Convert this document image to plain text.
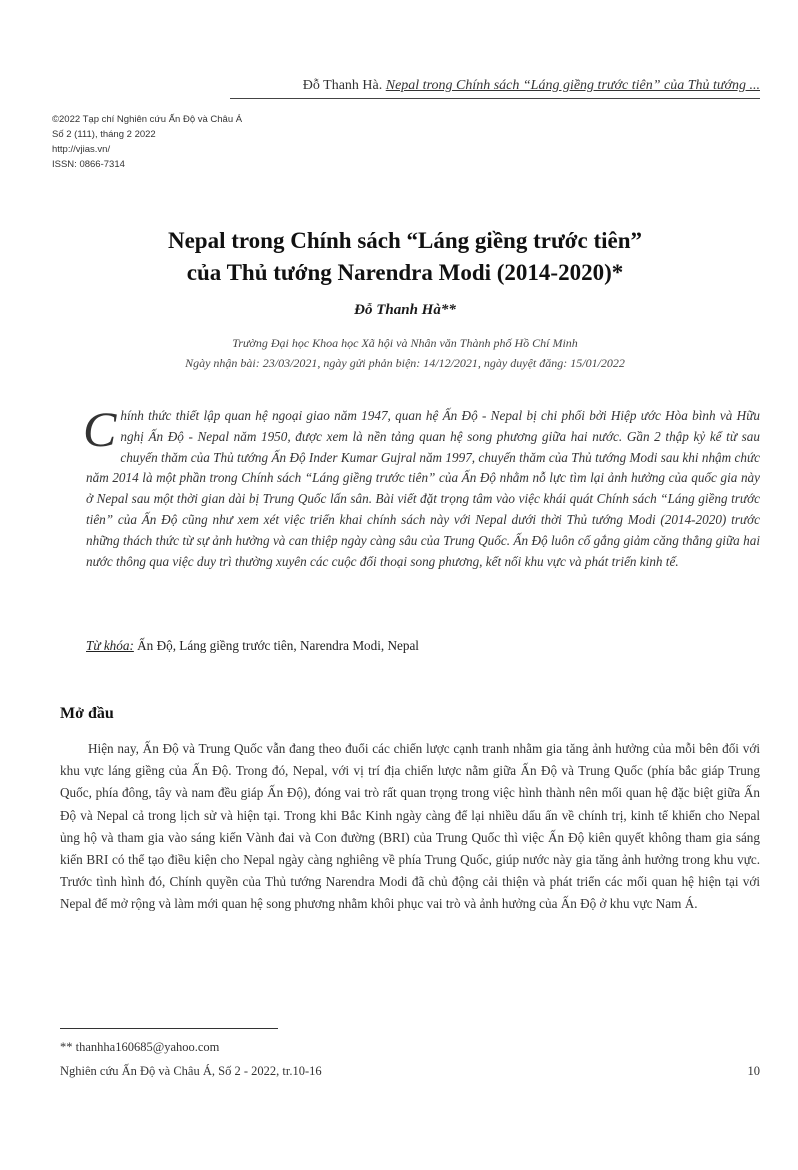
Đỗ Thanh Hà. Nepal trong Chính sách “Láng giềng trước tiên” của Thủ tướng ...
©2022 Tạp chí Nghiên cứu Ấn Độ và Châu Á
Số 2 (111), tháng 2 2022
http://vjias.vn/
ISSN: 0866-7314
Nepal trong Chính sách “Láng giềng trước tiên”
của Thủ tướng Narendra Modi (2014-2020)*
Đỗ Thanh Hà**
Trường Đại học Khoa học Xã hội và Nhân văn Thành phố Hồ Chí Minh
Ngày nhận bài: 23/03/2021, ngày gửi phản biện: 14/12/2021, ngày duyệt đăng: 15/01/2022
Chính thức thiết lập quan hệ ngoại giao năm 1947, quan hệ Ấn Độ - Nepal bị chi phối bởi Hiệp ước Hòa bình và Hữu nghị Ấn Độ - Nepal năm 1950, được xem là nền tảng quan hệ song phương giữa hai nước. Gần 2 thập kỷ kể từ sau chuyến thăm của Thủ tướng Ấn Độ Inder Kumar Gujral năm 1997, chuyến thăm của Thủ tướng Modi sau khi nhậm chức năm 2014 là một phần trong Chính sách “Láng giềng trước tiên” của Ấn Độ nhằm nỗ lực tìm lại ảnh hưởng của quốc gia này ở Nepal sau một thời gian dài bị Trung Quốc lấn sân. Bài viết đặt trọng tâm vào việc khái quát Chính sách “Láng giềng trước tiên” của Ấn Độ cũng như xem xét việc triển khai chính sách này với Nepal dưới thời Thủ tướng Modi (2014-2020) trước những thách thức từ sự ảnh hưởng và can thiệp ngày càng sâu của Trung Quốc. Ấn Độ luôn cố gắng giảm căng thẳng giữa hai nước thông qua việc duy trì thường xuyên các cuộc đối thoại song phương, kết nối khu vực và phát triển kinh tế.
Từ khóa: Ấn Độ, Láng giềng trước tiên, Narendra Modi, Nepal
Mở đầu
Hiện nay, Ấn Độ và Trung Quốc vẫn đang theo đuổi các chiến lược cạnh tranh nhằm gia tăng ảnh hưởng của mỗi bên đối với khu vực láng giềng của Ấn Độ. Trong đó, Nepal, với vị trí địa chiến lược nằm giữa Ấn Độ và Trung Quốc (phía bắc giáp Trung Quốc, phía đông, tây và nam đều giáp Ấn Độ), đóng vai trò rất quan trọng trong việc hình thành nên mối quan hệ đặc biệt giữa Ấn Độ và Nepal cả trong lịch sử và hiện tại. Trong khi Bắc Kinh ngày càng để lại nhiều dấu ấn về chính trị, kinh tế khiến cho Nepal ủng hộ và tham gia vào sáng kiến Vành đai và Con đường (BRI) của Trung Quốc thì việc Ấn Độ kiên quyết không tham gia sáng kiến BRI có thể tạo điều kiện cho Nepal ngày càng nghiêng về phía Trung Quốc, giúp nước này gia tăng ảnh hưởng trong khu vực. Trước tình hình đó, Chính quyền của Thủ tướng Narendra Modi đã chủ động cải thiện và phát triển các mối quan hệ hiện tại với Nepal để mở rộng và làm mới quan hệ song phương nhằm khôi phục vai trò và ảnh hưởng của Ấn Độ ở khu vực Nam Á.
** thanhha160685@yahoo.com
Nghiên cứu Ấn Độ và Châu Á, Số 2 - 2022, tr.10-16	10
